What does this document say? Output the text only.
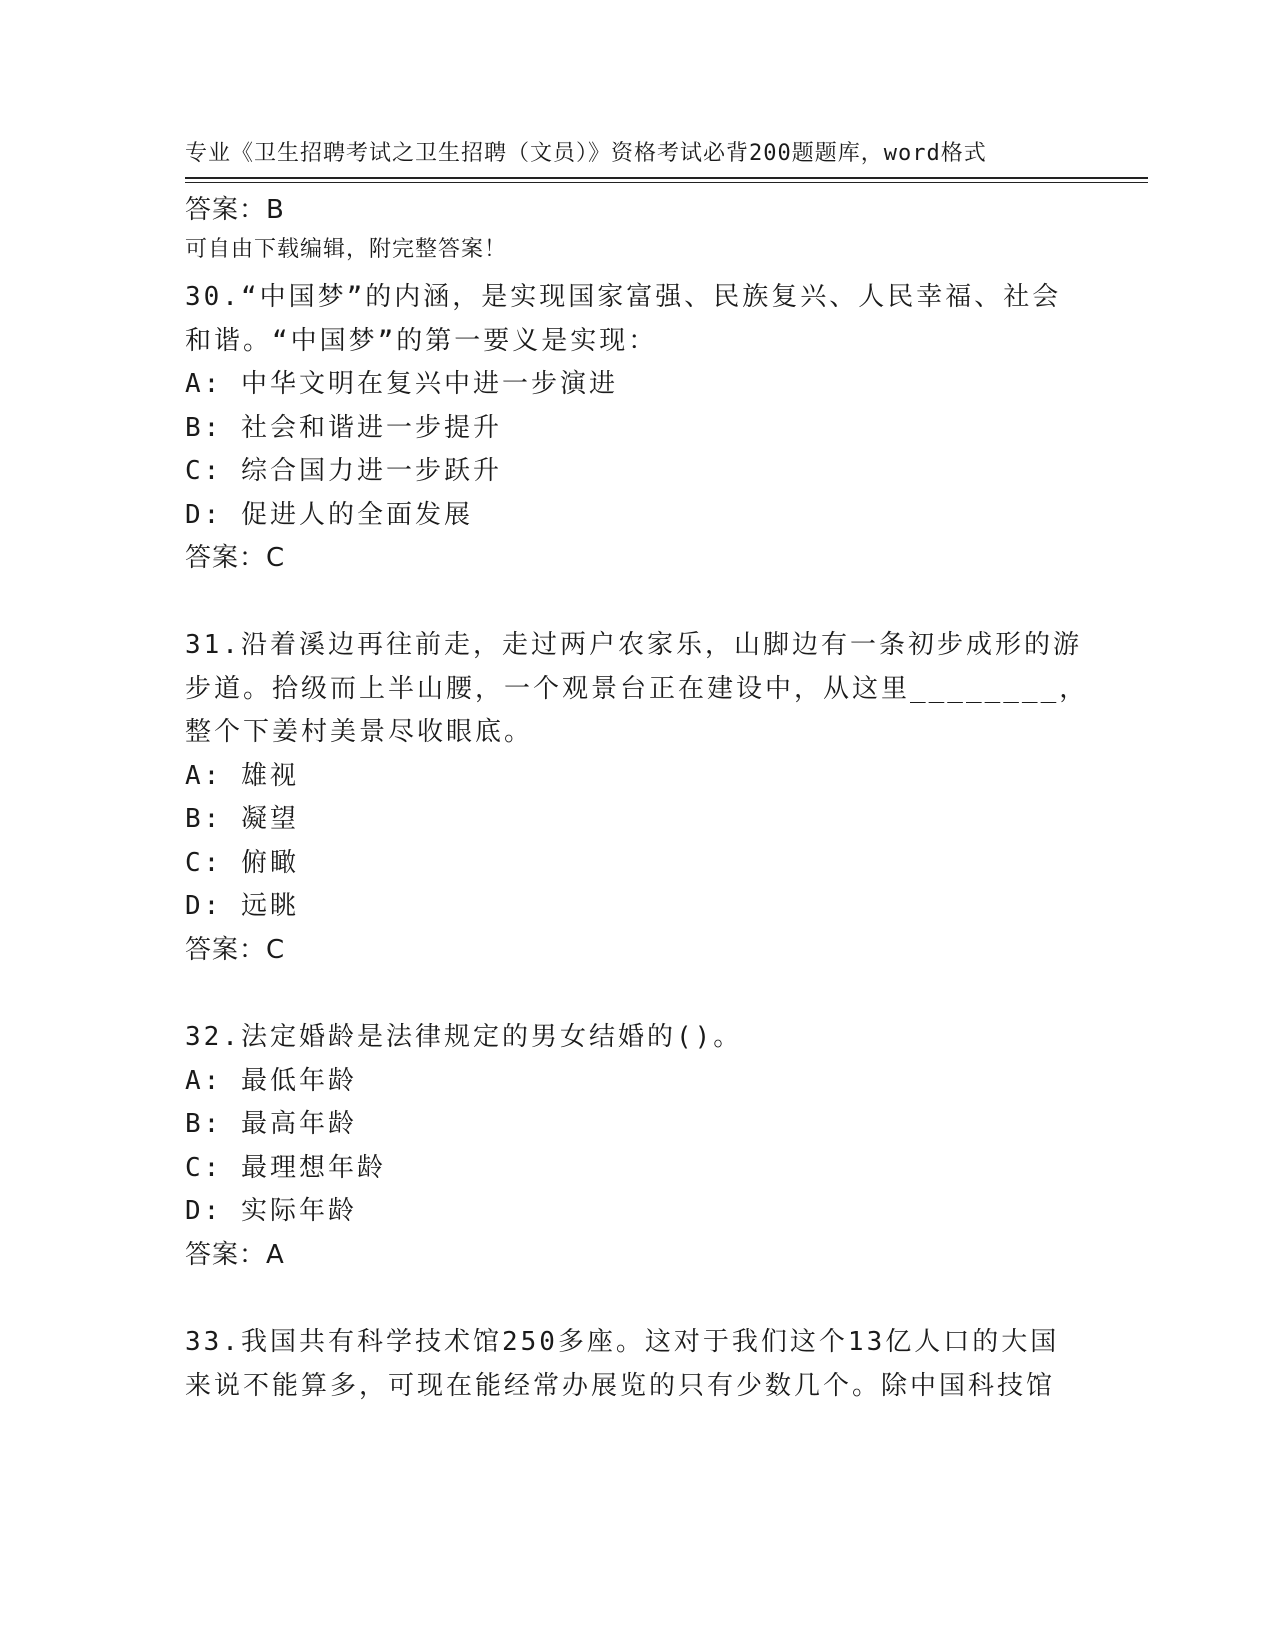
专业《卫生招聘考试之卫生招聘（文员）》资格考试必背200题题库，word格式

可自由下载编辑，附完整答案！

答案：B
30.“中国梦”的内涵，是实现国家富强、民族复兴、人民幸福、社会
和谐。“中国梦”的第一要义是实现：
A: 中华文明在复兴中进一步演进
B: 社会和谐进一步提升
C: 综合国力进一步跃升
D: 促进人的全面发展
答案：C
31.沿着溪边再往前走，走过两户农家乐，山脚边有一条初步成形的游
步道。拾级而上半山腰，一个观景台正在建设中，从这里________，
整个下姜村美景尽收眼底。
A: 雄视
B: 凝望
C: 俯瞰
D: 远眺
答案：C
32.法定婚龄是法律规定的男女结婚的()。
A: 最低年龄
B: 最高年龄
C: 最理想年龄
D: 实际年龄
答案：A
33.我国共有科学技术馆250多座。这对于我们这个13亿人口的大国
来说不能算多，可现在能经常办展览的只有少数几个。除中国科技馆
